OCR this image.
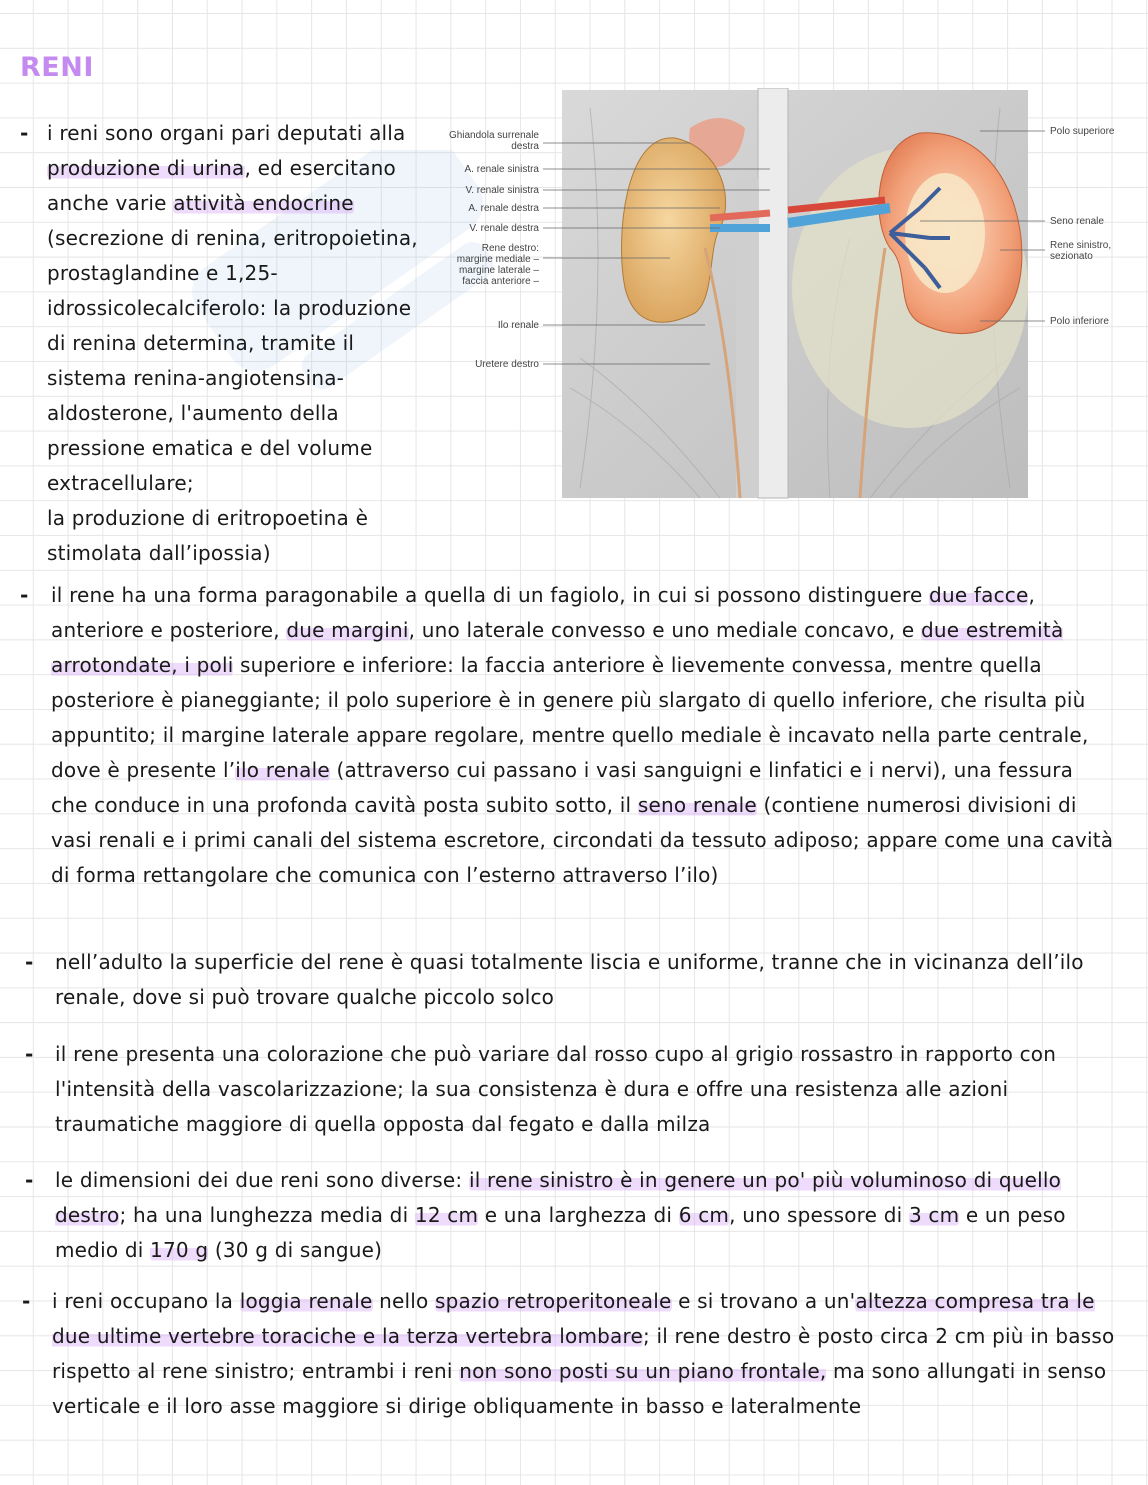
RENI
- i reni sono organi pari deputati alla produzione di urina, ed esercitano anche varie attività endocrine (secrezione di renina, eritropoietina, prostaglandine e 1,25-idrossicolecalciferolo: la produzione di renina determina, tramite il sistema renina-angiotensina-aldosterone, l'aumento della pressione ematica e del volume extracellulare;
la produzione di eritropoetina è stimolata dall’ipossia)

Ghiandola surrenale
destra
A. renale sinistra
V. renale sinistra
A. renale destra
V. renale destra
Rene destro:
margine mediale –
margine laterale –
faccia anteriore –
Ilo renale
Uretere destro
Polo superiore
Seno renale
Rene sinistro,
sezionato
Polo inferiore
- il rene ha una forma paragonabile a quella di un fagiolo, in cui si possono distinguere due facce, anteriore e posteriore, due margini, uno laterale convesso e uno mediale concavo, e due estremità arrotondate, i poli superiore e inferiore: la faccia anteriore è lievemente convessa, mentre quella posteriore è pianeggiante; il polo superiore è in genere più slargato di quello inferiore, che risulta più appuntito; il margine laterale appare regolare, mentre quello mediale è incavato nella parte centrale, dove è presente l’ilo renale (attraverso cui passano i vasi sanguigni e linfatici e i nervi), una fessura che conduce in una profonda cavità posta subito sotto, il seno renale (contiene numerosi divisioni di vasi renali e i primi canali del sistema escretore, circondati da tessuto adiposo; appare come una cavità di forma rettangolare che comunica con l’esterno attraverso l’ilo)

- nell’adulto la superficie del rene è quasi totalmente liscia e uniforme, tranne che in vicinanza dell’ilo renale, dove si può trovare qualche piccolo solco

- il rene presenta una colorazione che può variare dal rosso cupo al grigio rossastro in rapporto con l'intensità della vascolarizzazione; la sua consistenza è dura e offre una resistenza alle azioni traumatiche maggiore di quella opposta dal fegato e dalla milza

- le dimensioni dei due reni sono diverse: il rene sinistro è in genere un po' più voluminoso di quello destro; ha una lunghezza media di 12 cm e una larghezza di 6 cm, uno spessore di 3 cm e un peso medio di 170 g (30 g di sangue)

- i reni occupano la loggia renale nello spazio retroperitoneale e si trovano a un'altezza compresa tra le due ultime vertebre toraciche e la terza vertebra lombare; il rene destro è posto circa 2 cm più in basso rispetto al rene sinistro; entrambi i reni non sono posti su un piano frontale, ma sono allungati in senso verticale e il loro asse maggiore si dirige obliquamente in basso e lateralmente
